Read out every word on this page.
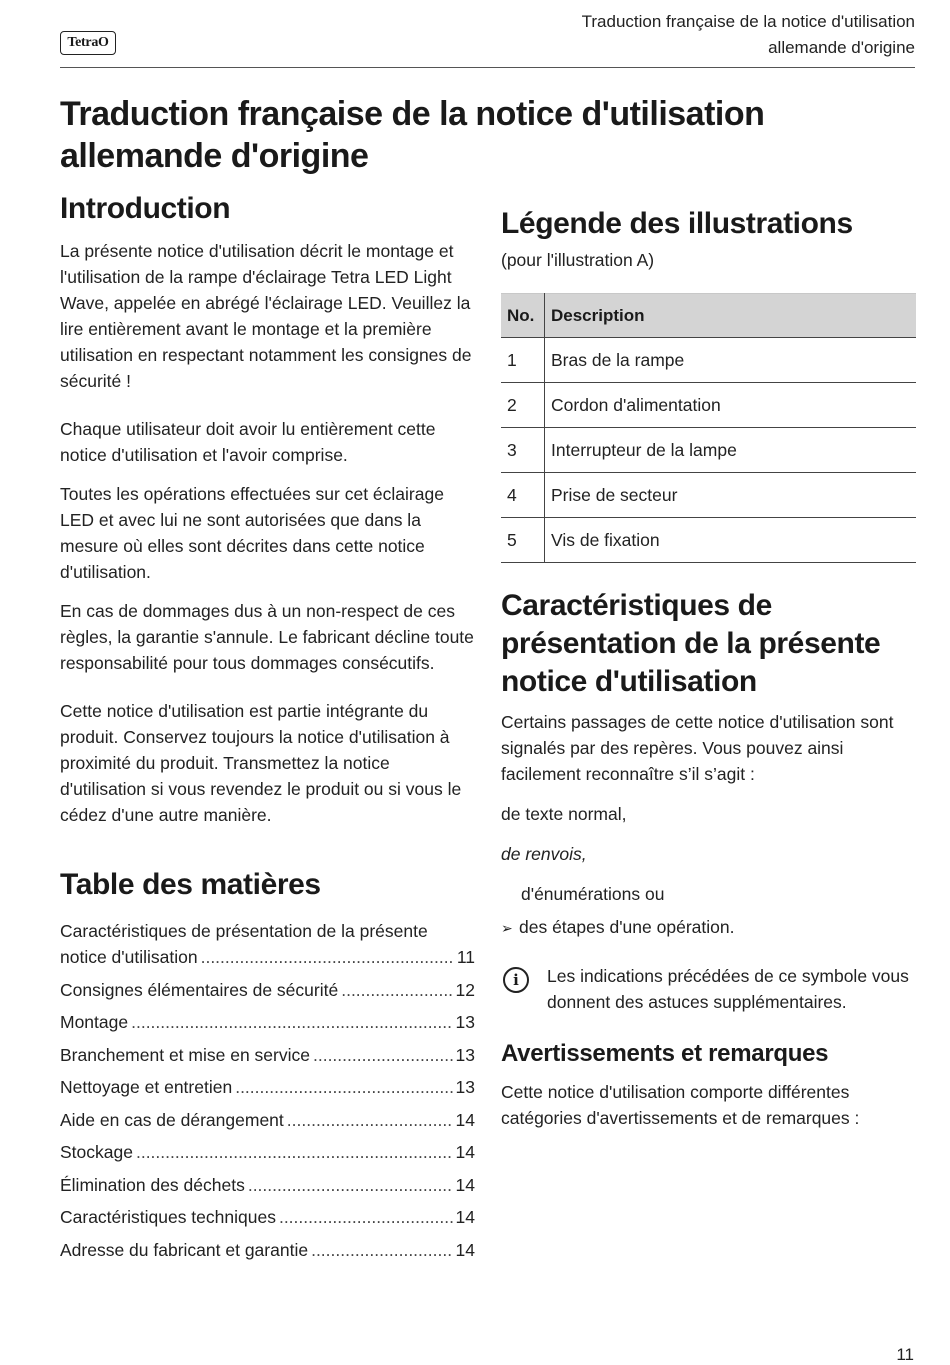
TetraO
Traduction française de la notice d'utilisation
allemande d'origine
Traduction française de la notice d'utilisation allemande d'origine
Introduction

La présente notice d'utilisation décrit le montage et l'utilisation de la rampe d'éclairage Tetra LED Light Wave, appelée en abrégé l'éclairage LED. Veuillez la lire entièrement avant le montage et la première utilisation en respectant notamment les consignes de sécurité !

Chaque utilisateur doit avoir lu entièrement cette notice d'utilisation et l'avoir comprise.

Toutes les opérations effectuées sur cet éclairage LED et avec lui ne sont autorisées que dans la mesure où elles sont décrites dans cette notice d'utilisation.

En cas de dommages dus à un non-respect de ces règles, la garantie s'annule. Le fabricant décline toute responsabilité pour tous dommages consécutifs.

Cette notice d'utilisation est partie intégrante du produit. Conservez toujours la notice d'utilisation à proximité du produit. Transmettez la notice d'utilisation si vous revendez le produit ou si vous le cédez d'une autre manière.

Table des matières
Caractéristiques de présentation de la présente
notice d'utilisation .....	11
Consignes élémentaires de sécurité .....	12
Montage .....	13
Branchement et mise en service .....	13
Nettoyage et entretien .....	13
Aide en cas de dérangement .....	14
Stockage .....	14
Élimination des déchets .....	14
Caractéristiques techniques .....	14
Adresse du fabricant et garantie .....	14
Légende des illustrations

(pour l'illustration A)

No.	Description
1	Bras de la rampe
2	Cordon d'alimentation
3	Interrupteur de la lampe
4	Prise de secteur
5	Vis de fixation
Caractéristiques de
présentation de la présente
notice d'utilisation

Certains passages de cette notice d'utilisation sont signalés par des repères. Vous pouvez ainsi facilement reconnaître s’il s’agit :

de texte normal,

de renvois,

d'énumérations ou

➢ des étapes d'une opération.

i	Les indications précédées de ce symbole vous donnent des astuces supplémentaires.

Avertissements et remarques

Cette notice d'utilisation comporte différentes catégories d'avertissements et de remarques :

11
